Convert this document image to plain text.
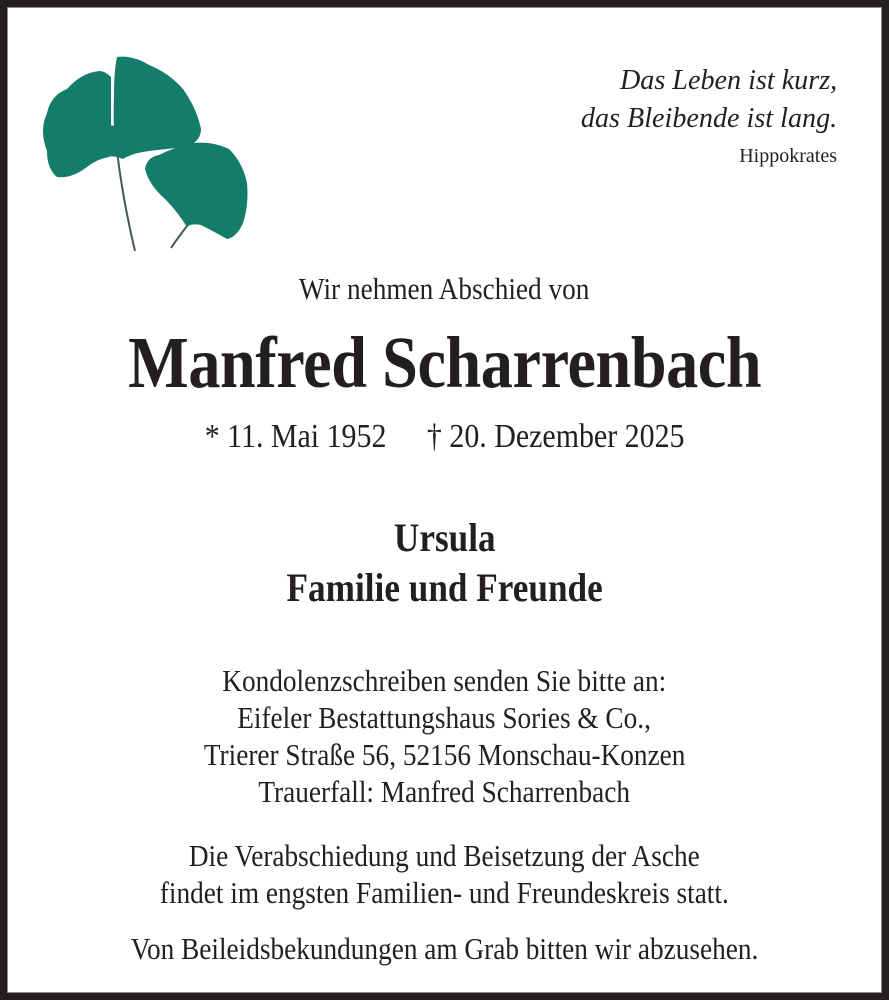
Das Leben ist kurz,
das Bleibende ist lang.
Hippokrates
Wir nehmen Abschied von
Manfred Scharrenbach
* 11. Mai 1952 † 20. Dezember 2025
Ursula
Familie und Freunde
Kondolenzschreiben senden Sie bitte an:
Eifeler Bestattungshaus Sories & Co.,
Trierer Straße 56, 52156 Monschau-Konzen
Trauerfall: Manfred Scharrenbach
Die Verabschiedung und Beisetzung der Asche
findet im engsten Familien- und Freundeskreis statt.
Von Beileidsbekundungen am Grab bitten wir abzusehen.
